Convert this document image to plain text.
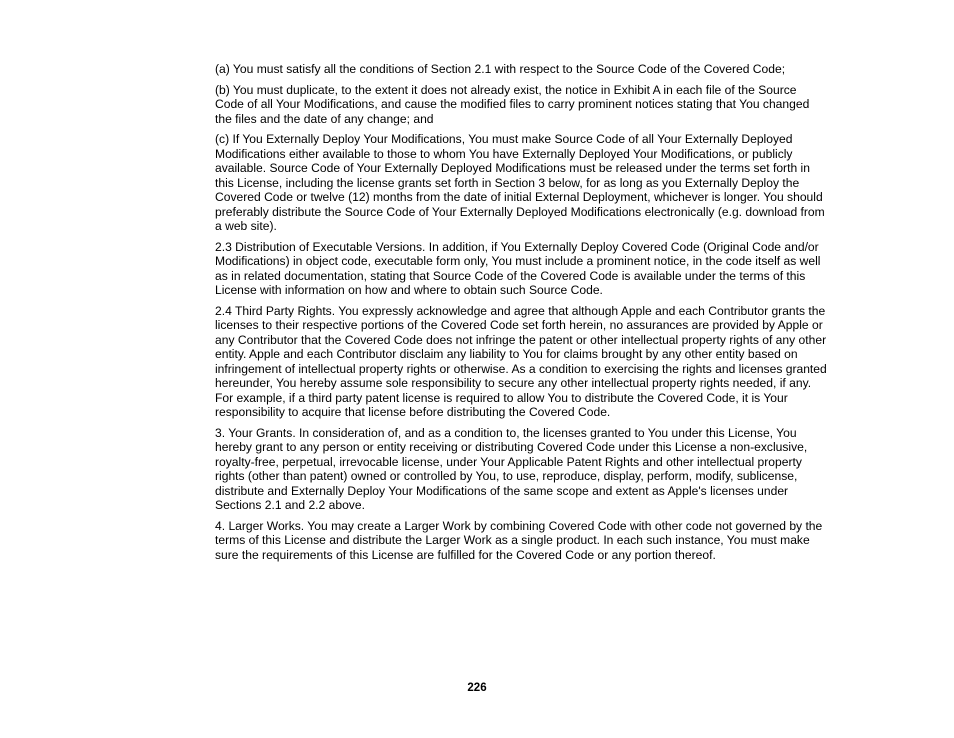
(a) You must satisfy all the conditions of Section 2.1 with respect to the Source Code of the Covered Code;

(b) You must duplicate, to the extent it does not already exist, the notice in Exhibit A in each file of the Source Code of all Your Modifications, and cause the modified files to carry prominent notices stating that You changed the files and the date of any change; and

(c) If You Externally Deploy Your Modifications, You must make Source Code of all Your Externally Deployed Modifications either available to those to whom You have Externally Deployed Your Modifications, or publicly available. Source Code of Your Externally Deployed Modifications must be released under the terms set forth in this License, including the license grants set forth in Section 3 below, for as long as you Externally Deploy the Covered Code or twelve (12) months from the date of initial External Deployment, whichever is longer. You should preferably distribute the Source Code of Your Externally Deployed Modifications electronically (e.g. download from a web site).

2.3 Distribution of Executable Versions. In addition, if You Externally Deploy Covered Code (Original Code and/or Modifications) in object code, executable form only, You must include a prominent notice, in the code itself as well as in related documentation, stating that Source Code of the Covered Code is available under the terms of this License with information on how and where to obtain such Source Code.

2.4 Third Party Rights. You expressly acknowledge and agree that although Apple and each Contributor grants the licenses to their respective portions of the Covered Code set forth herein, no assurances are provided by Apple or any Contributor that the Covered Code does not infringe the patent or other intellectual property rights of any other entity. Apple and each Contributor disclaim any liability to You for claims brought by any other entity based on infringement of intellectual property rights or otherwise. As a condition to exercising the rights and licenses granted hereunder, You hereby assume sole responsibility to secure any other intellectual property rights needed, if any. For example, if a third party patent license is required to allow You to distribute the Covered Code, it is Your responsibility to acquire that license before distributing the Covered Code.

3. Your Grants. In consideration of, and as a condition to, the licenses granted to You under this License, You hereby grant to any person or entity receiving or distributing Covered Code under this License a non-exclusive, royalty-free, perpetual, irrevocable license, under Your Applicable Patent Rights and other intellectual property rights (other than patent) owned or controlled by You, to use, reproduce, display, perform, modify, sublicense, distribute and Externally Deploy Your Modifications of the same scope and extent as Apple's licenses under Sections 2.1 and 2.2 above.

4. Larger Works. You may create a Larger Work by combining Covered Code with other code not governed by the terms of this License and distribute the Larger Work as a single product. In each such instance, You must make sure the requirements of this License are fulfilled for the Covered Code or any portion thereof.

226
